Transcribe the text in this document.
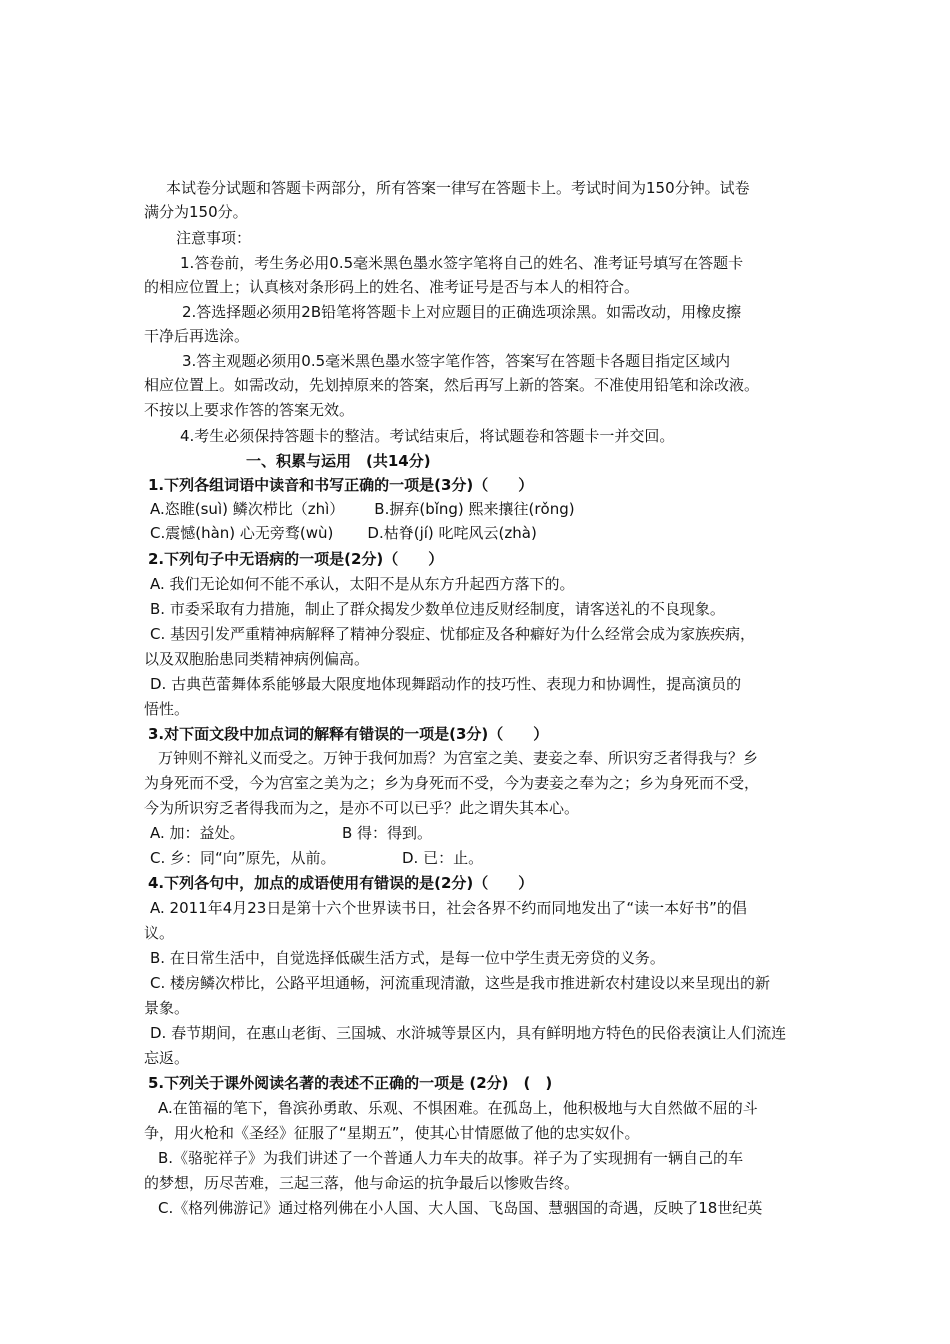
本试卷分试题和答题卡两部分，所有答案一律写在答题卡上。考试时间为150分钟。试卷
满分为150分。
注意事项：
1.答卷前，考生务必用0.5毫米黑色墨水签字笔将自己的姓名、准考证号填写在答题卡
的相应位置上；认真核对条形码上的姓名、准考证号是否与本人的相符合。
2.答选择题必须用2B铅笔将答题卡上对应题目的正确选项涂黑。如需改动，用橡皮擦
干净后再选涂。
3.答主观题必须用0.5毫米黑色墨水签字笔作答，答案写在答题卡各题目指定区域内
相应位置上。如需改动，先划掉原来的答案，然后再写上新的答案。不准使用铅笔和涂改液。
不按以上要求作答的答案无效。
4.考生必须保持答题卡的整洁。考试结束后，将试题卷和答题卡一并交回。
一、积累与运用　(共14分)
1.下列各组词语中读音和书写正确的一项是(3分)（　　）
A.恣睢(suì) 鳞次栉比（zhì） B.摒弃(bǐng) 熙来攘往(rǒng)
C.震憾(hàn) 心无旁骛(wù) D.枯脊(jí) 叱咤风云(zhà)
2.下列句子中无语病的一项是(2分)（　　）
A. 我们无论如何不能不承认，太阳不是从东方升起西方落下的。
B. 市委采取有力措施，制止了群众揭发少数单位违反财经制度，请客送礼的不良现象。
C. 基因引发严重精神病解释了精神分裂症、忧郁症及各种癖好为什么经常会成为家族疾病，
以及双胞胎患同类精神病例偏高。
D. 古典芭蕾舞体系能够最大限度地体现舞蹈动作的技巧性、表现力和协调性，提高演员的
悟性。
3.对下面文段中加点词的解释有错误的一项是(3分)（　　）
万钟则不辩礼义而受之。万钟于我何加焉？为宫室之美、妻妾之奉、所识穷乏者得我与？乡
为身死而不受，今为宫室之美为之；乡为身死而不受，今为妻妾之奉为之；乡为身死而不受，
今为所识穷乏者得我而为之，是亦不可以已乎？此之谓失其本心。
A. 加：益处。	B 得：得到。
C. 乡：同“向”原先，从前。	D. 已：止。
4.下列各句中，加点的成语使用有错误的是(2分)（　　）
A. 2011年4月23日是第十六个世界读书日，社会各界不约而同地发出了“读一本好书”的倡
议。
B. 在日常生活中，自觉选择低碳生活方式，是每一位中学生责无旁贷的义务。
C. 楼房鳞次栉比，公路平坦通畅，河流重现清澈，这些是我市推进新农村建设以来呈现出的新
景象。
D. 春节期间，在惠山老街、三国城、水浒城等景区内，具有鲜明地方特色的民俗表演让人们流连
忘返。
5.下列关于课外阅读名著的表述不正确的一项是 (2分)　(　)
A.在笛福的笔下，鲁滨孙勇敢、乐观、不惧困难。在孤岛上，他积极地与大自然做不屈的斗
争，用火枪和《圣经》征服了“星期五”，使其心甘情愿做了他的忠实奴仆。
B.《骆驼祥子》为我们讲述了一个普通人力车夫的故事。祥子为了实现拥有一辆自己的车
的梦想，历尽苦难，三起三落，他与命运的抗争最后以惨败告终。
C.《格列佛游记》通过格列佛在小人国、大人国、飞岛国、慧骃国的奇遇，反映了18世纪英
